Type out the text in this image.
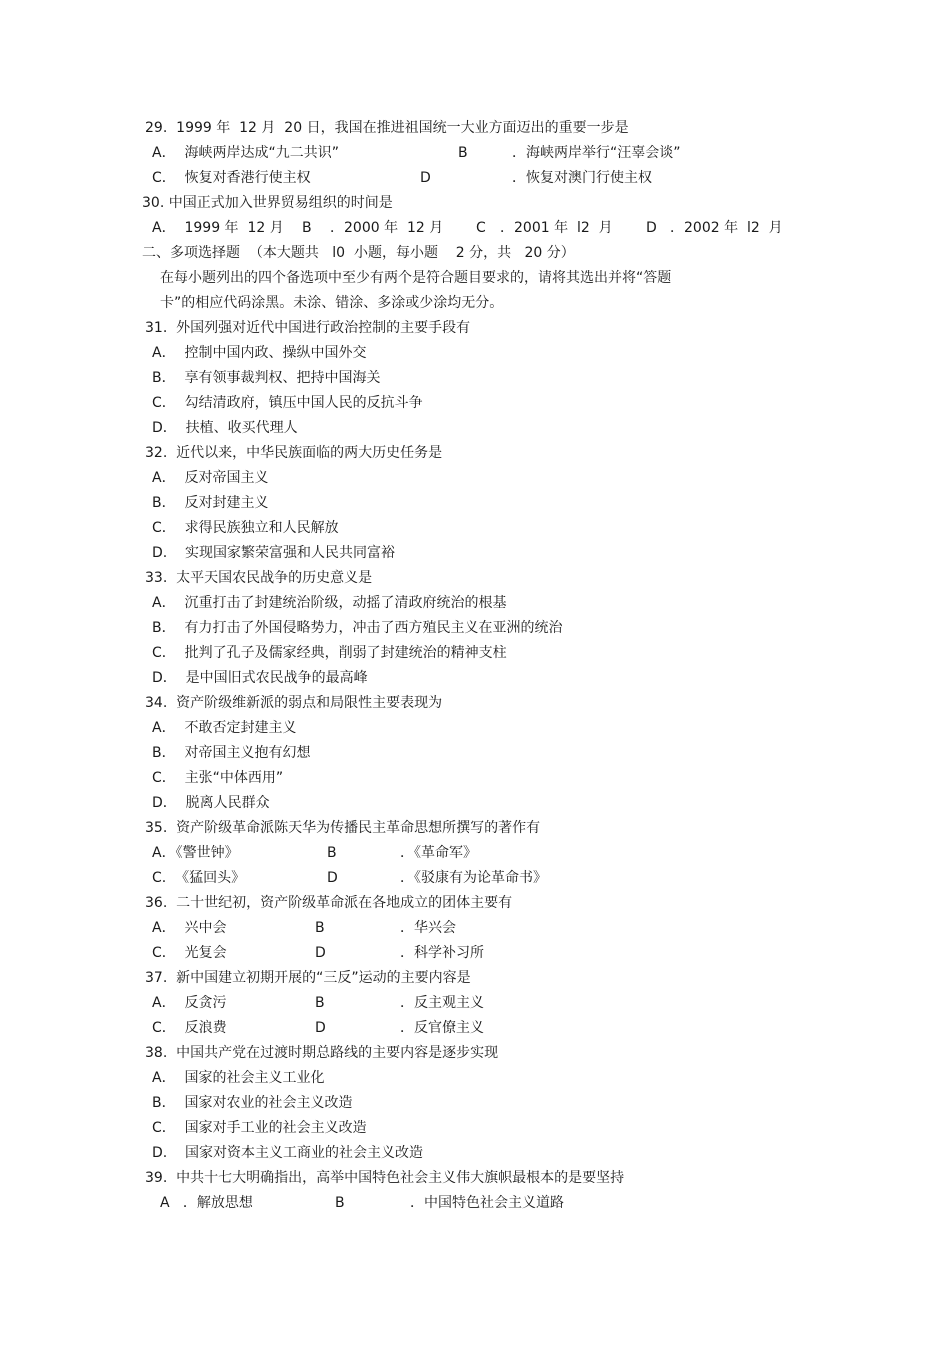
29.  1999 年  12 月  20 日，我国在推进祖国统一大业方面迈出的重要一步是
A．  海峡两岸达成“九二共识”	B	．海峡两岸举行“汪辜会谈”
C．  恢复对香港行使主权	D	．恢复对澳门行使主权
30. 中国正式加入世界贸易组织的时间是
A．  1999 年  12 月 B ．2000 年  12 月 C ．2001 年  l2  月 D ．2002 年  l2  月
二、多项选择题  （本大题共   l0  小题，每小题    2 分，共   20 分）
在每小题列出的四个备选项中至少有两个是符合题目要求的，请将其选出并将“答题
卡”的相应代码涂黑。未涂、错涂、多涂或少涂均无分。
31.  外国列强对近代中国进行政治控制的主要手段有
A．  控制中国内政、操纵中国外交
B．  享有领事裁判权、把持中国海关
C．  勾结清政府，镇压中国人民的反抗斗争
D．  扶植、收买代理人
32.  近代以来，中华民族面临的两大历史任务是
A．  反对帝国主义
B．  反对封建主义
C．  求得民族独立和人民解放
D.    实现国家繁荣富强和人民共同富裕
33.  太平天国农民战争的历史意义是
A．  沉重打击了封建统治阶级，动摇了清政府统治的根基
B．  有力打击了外国侵略势力，冲击了西方殖民主义在亚洲的统治
C．  批判了孔子及儒家经典，削弱了封建统治的精神支柱
D．  是中国旧式农民战争的最高峰
34.  资产阶级维新派的弱点和局限性主要表现为
A．  不敢否定封建主义
B．  对帝国主义抱有幻想
C．  主张“中体西用”
D．  脱离人民群众
35.  资产阶级革命派陈天华为传播民主革命思想所撰写的著作有
A．《警世钟》	B	．《革命军》
C.  《猛回头》	D	．《驳康有为论革命书》
36.  二十世纪初，资产阶级革命派在各地成立的团体主要有
A．  兴中会	B	．华兴会
C．  光复会	D	．科学补习所
37.  新中国建立初期开展的“三反”运动的主要内容是
A．  反贪污	B	．反主观主义
C．  反浪费	D	．反官僚主义
38.  中国共产党在过渡时期总路线的主要内容是逐步实现
A．  国家的社会主义工业化
B．  国家对农业的社会主义改造
C．  国家对手工业的社会主义改造
D.    国家对资本主义工商业的社会主义改造
39.  中共十七大明确指出，高举中国特色社会主义伟大旗帜最根本的是要坚持
A   ．解放思想	B	．中国特色社会主义道路
